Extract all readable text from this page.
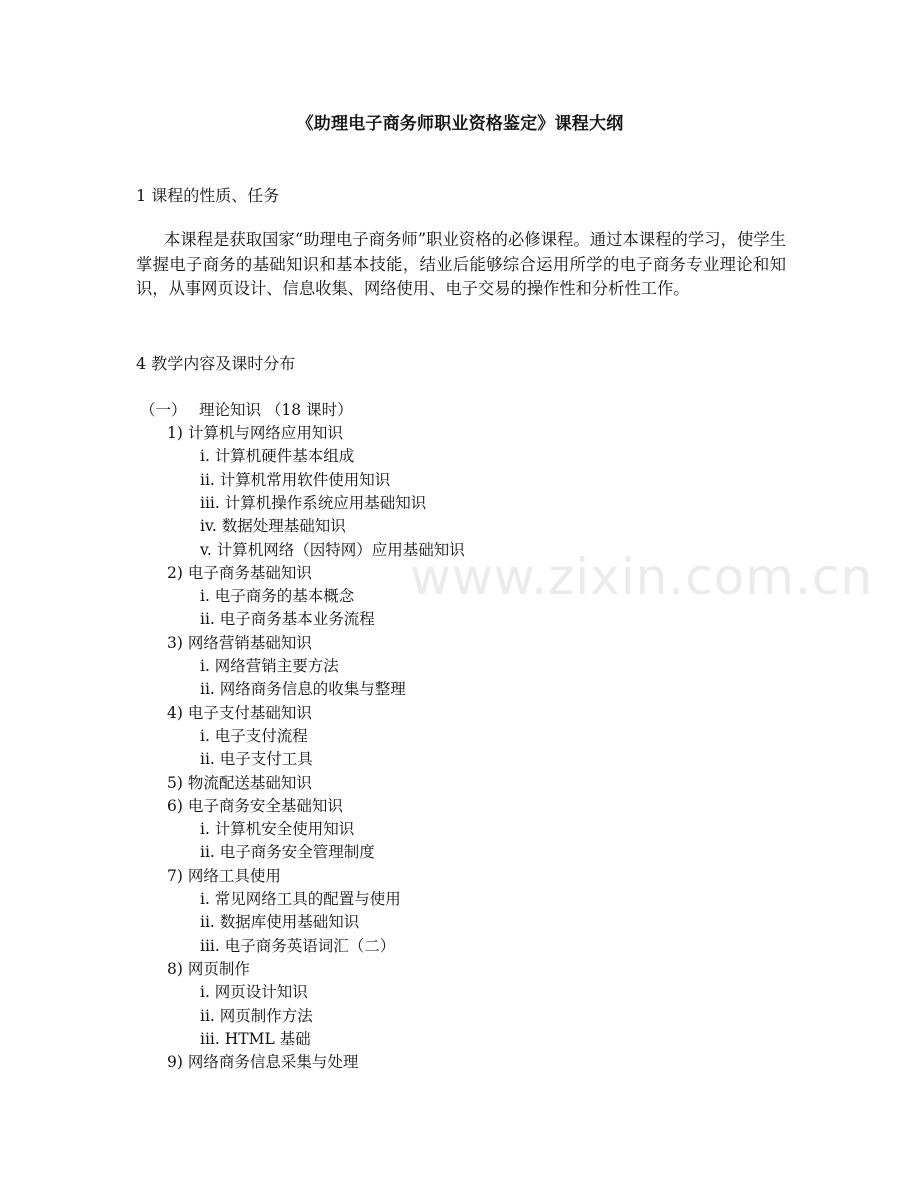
《助理电子商务师职业资格鉴定》课程大纲
1 课程的性质、任务
本课程是获取国家“助理电子商务师”职业资格的必修课程。通过本课程的学习，使学生掌握电子商务的基础知识和基本技能，结业后能够综合运用所学的电子商务专业理论和知识，从事网页设计、信息收集、网络使用、电子交易的操作性和分析性工作。
4 教学内容及课时分布
（一） 理论知识 （18 课时）
1) 计算机与网络应用知识
i. 计算机硬件基本组成
ii. 计算机常用软件使用知识
iii. 计算机操作系统应用基础知识
iv. 数据处理基础知识
v. 计算机网络（因特网）应用基础知识
2) 电子商务基础知识
i. 电子商务的基本概念
ii. 电子商务基本业务流程
3) 网络营销基础知识
i. 网络营销主要方法
ii. 网络商务信息的收集与整理
4) 电子支付基础知识
i. 电子支付流程
ii. 电子支付工具
5) 物流配送基础知识
6) 电子商务安全基础知识
i. 计算机安全使用知识
ii. 电子商务安全管理制度
7) 网络工具使用
i. 常见网络工具的配置与使用
ii. 数据库使用基础知识
iii. 电子商务英语词汇（二）
8) 网页制作
i. 网页设计知识
ii. 网页制作方法
iii. HTML 基础
9) 网络商务信息采集与处理
www.zixin.com.cn
